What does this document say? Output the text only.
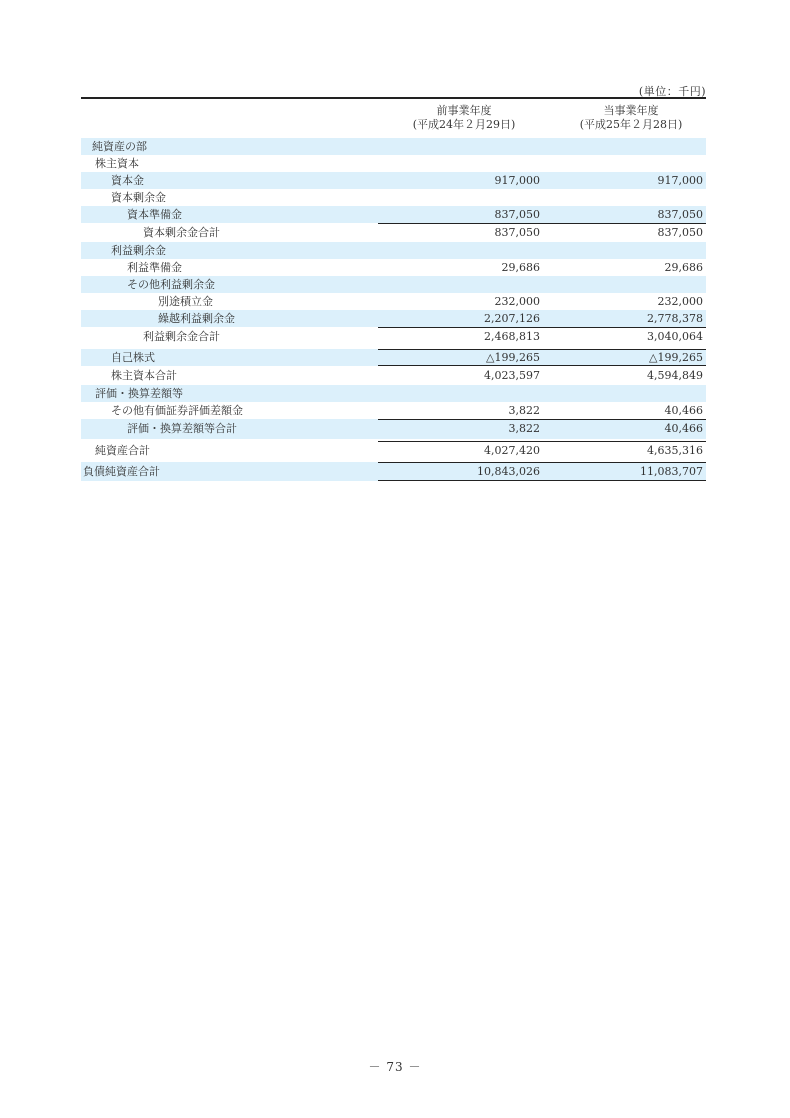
(単位：千円)
前事業年度
(平成24年２月29日)
当事業年度
(平成25年２月28日)
純資産の部
株主資本
資本金	917,000	917,000
資本剰余金
資本準備金	837,050	837,050
資本剰余金合計	837,050	837,050
利益剰余金
利益準備金	29,686	29,686
その他利益剰余金
別途積立金	232,000	232,000
繰越利益剰余金	2,207,126	2,778,378
利益剰余金合計	2,468,813	3,040,064
自己株式	△199,265	△199,265
株主資本合計	4,023,597	4,594,849
評価・換算差額等
その他有価証券評価差額金	3,822	40,466
評価・換算差額等合計	3,822	40,466
純資産合計	4,027,420	4,635,316
負債純資産合計	10,843,026	11,083,707
－ 73 －
